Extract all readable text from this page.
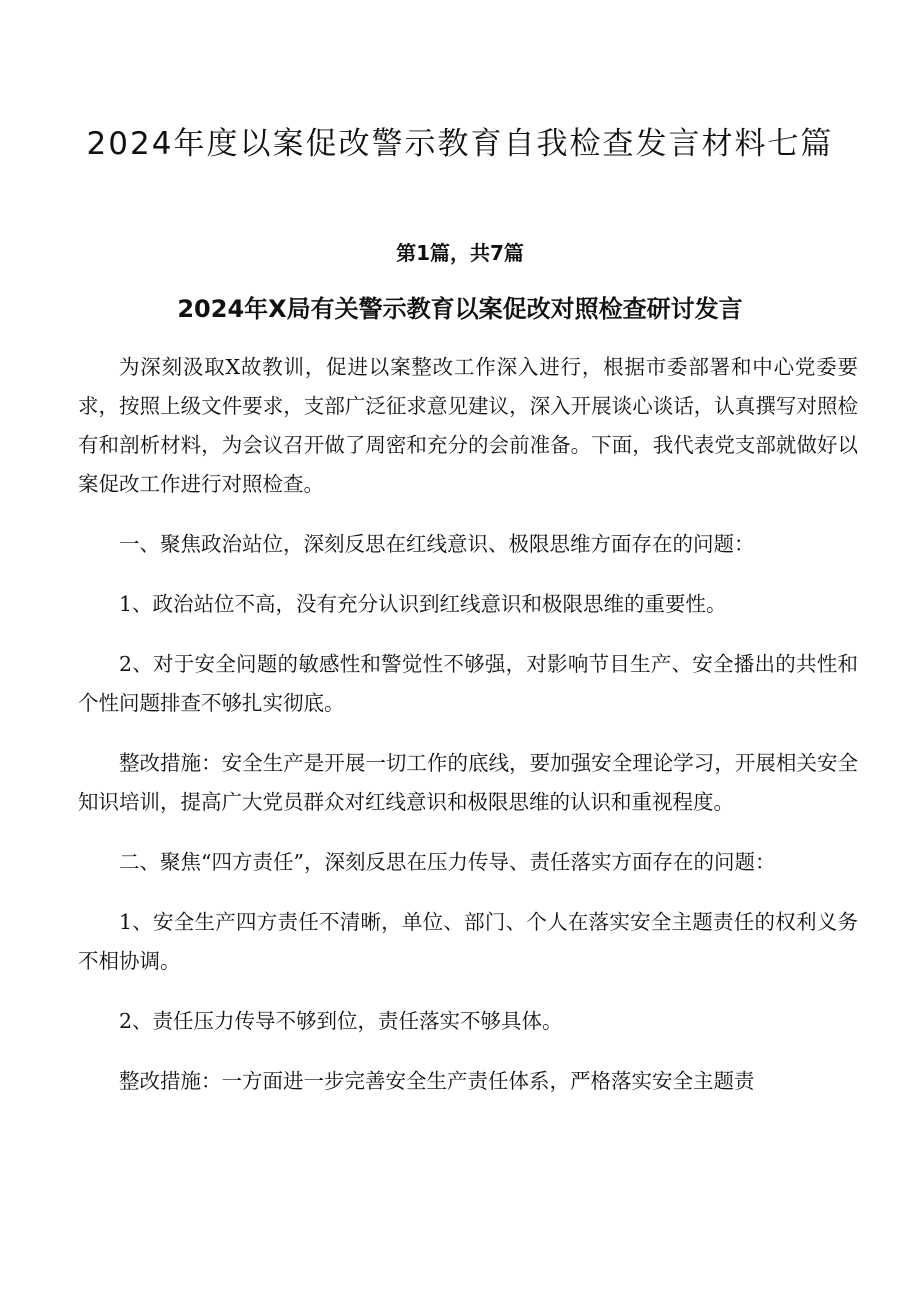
2024年度以案促改警示教育自我检查发言材料七篇
第1篇，共7篇
2024年X局有关警示教育以案促改对照检查研讨发言

为深刻汲取X故教训，促进以案整改工作深入进行，根据市委部署和中心党委要求，按照上级文件要求，支部广泛征求意见建议，深入开展谈心谈话，认真撰写对照检有和剖析材料，为会议召开做了周密和充分的会前准备。下面，我代表党支部就做好以案促改工作进行对照检查。

一、聚焦政治站位，深刻反思在红线意识、极限思维方面存在的问题：

1、政治站位不高，没有充分认识到红线意识和极限思维的重要性。

2、对于安全问题的敏感性和警觉性不够强，对影响节目生产、安全播出的共性和个性问题排查不够扎实彻底。

整改措施：安全生产是开展一切工作的底线，要加强安全理论学习，开展相关安全知识培训，提高广大党员群众对红线意识和极限思维的认识和重视程度。

二、聚焦“四方责任”，深刻反思在压力传导、责任落实方面存在的问题：

1、安全生产四方责任不清晰，单位、部门、个人在落实安全主题责任的权利义务不相协调。

2、责任压力传导不够到位，责任落实不够具体。

整改措施：一方面进一步完善安全生产责任体系，严格落实安全主题责
